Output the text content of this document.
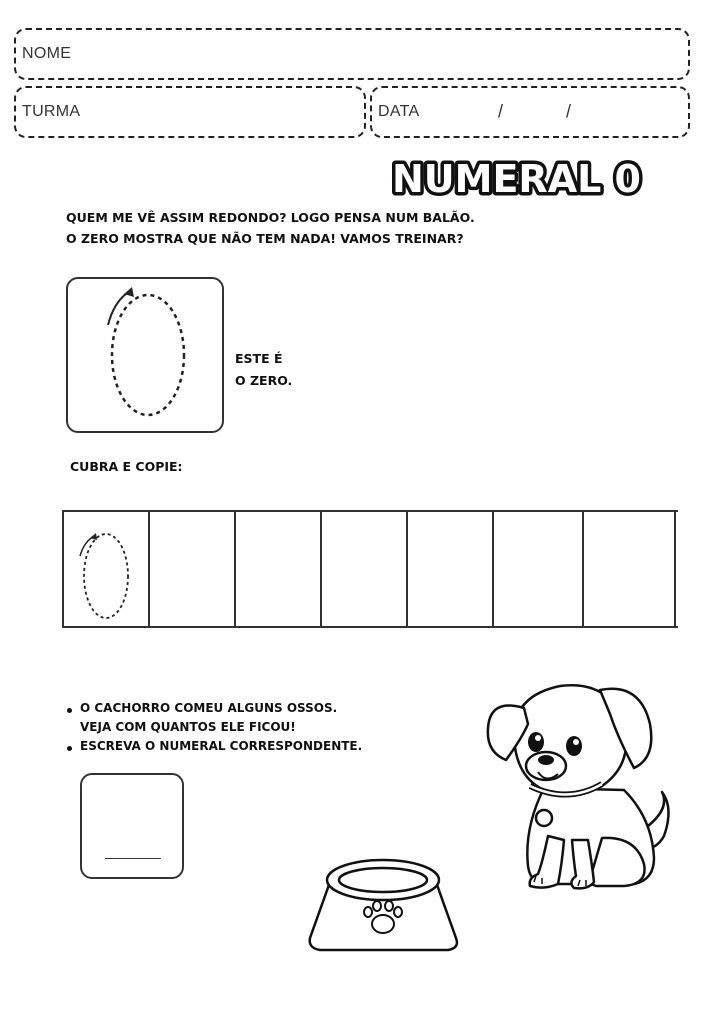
NOME
TURMA	DATA	/	/
NUMERAL 0
QUEM ME VÊ ASSIM REDONDO? LOGO PENSA NUM BALÃO.
O ZERO MOSTRA QUE NÃO TEM NADA! VAMOS TREINAR?
ESTE É
O ZERO.
CUBRA E COPIE:
O CACHORRO COMEU ALGUNS OSSOS.
VEJA COM QUANTOS ELE FICOU!
ESCREVA O NUMERAL CORRESPONDENTE.
